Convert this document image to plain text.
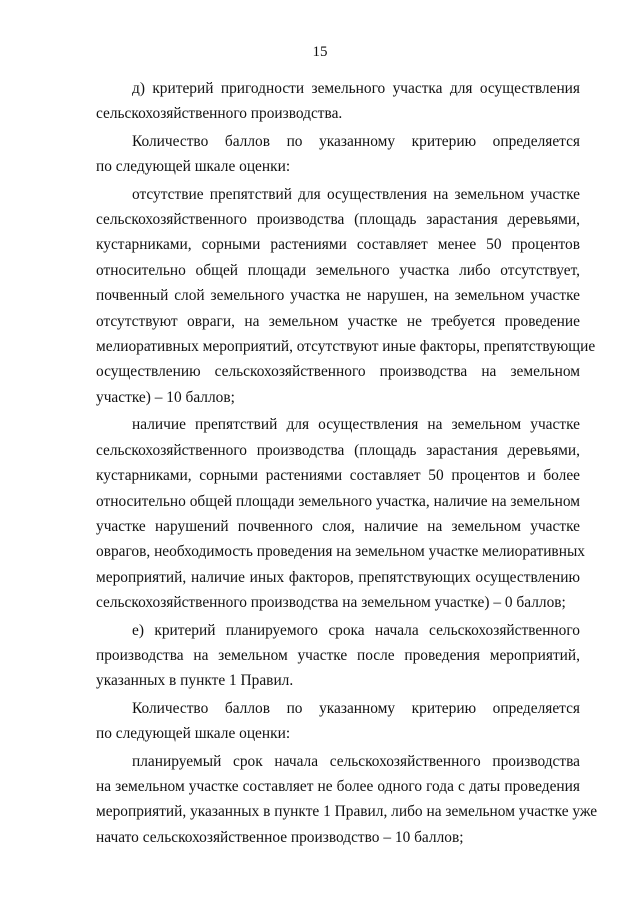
15
д) критерий пригодности земельного участка для осуществления
сельскохозяйственного производства.
Количество баллов по указанному критерию определяется
по следующей шкале оценки:
отсутствие препятствий для осуществления на земельном участке
сельскохозяйственного производства (площадь зарастания деревьями,
кустарниками, сорными растениями составляет менее 50 процентов
относительно общей площади земельного участка либо отсутствует,
почвенный слой земельного участка не нарушен, на земельном участке
отсутствуют овраги, на земельном участке не требуется проведение
мелиоративных мероприятий, отсутствуют иные факторы, препятствующие
осуществлению сельскохозяйственного производства на земельном
участке) – 10 баллов;
наличие препятствий для осуществления на земельном участке
сельскохозяйственного производства (площадь зарастания деревьями,
кустарниками, сорными растениями составляет 50 процентов и более
относительно общей площади земельного участка, наличие на земельном
участке нарушений почвенного слоя, наличие на земельном участке
оврагов, необходимость проведения на земельном участке мелиоративных
мероприятий, наличие иных факторов, препятствующих осуществлению
сельскохозяйственного производства на земельном участке) – 0 баллов;
е) критерий планируемого срока начала сельскохозяйственного
производства на земельном участке после проведения мероприятий,
указанных в пункте 1 Правил.
Количество баллов по указанному критерию определяется
по следующей шкале оценки:
планируемый срок начала сельскохозяйственного производства
на земельном участке составляет не более одного года с даты проведения
мероприятий, указанных в пункте 1 Правил, либо на земельном участке уже
начато сельскохозяйственное производство – 10 баллов;
